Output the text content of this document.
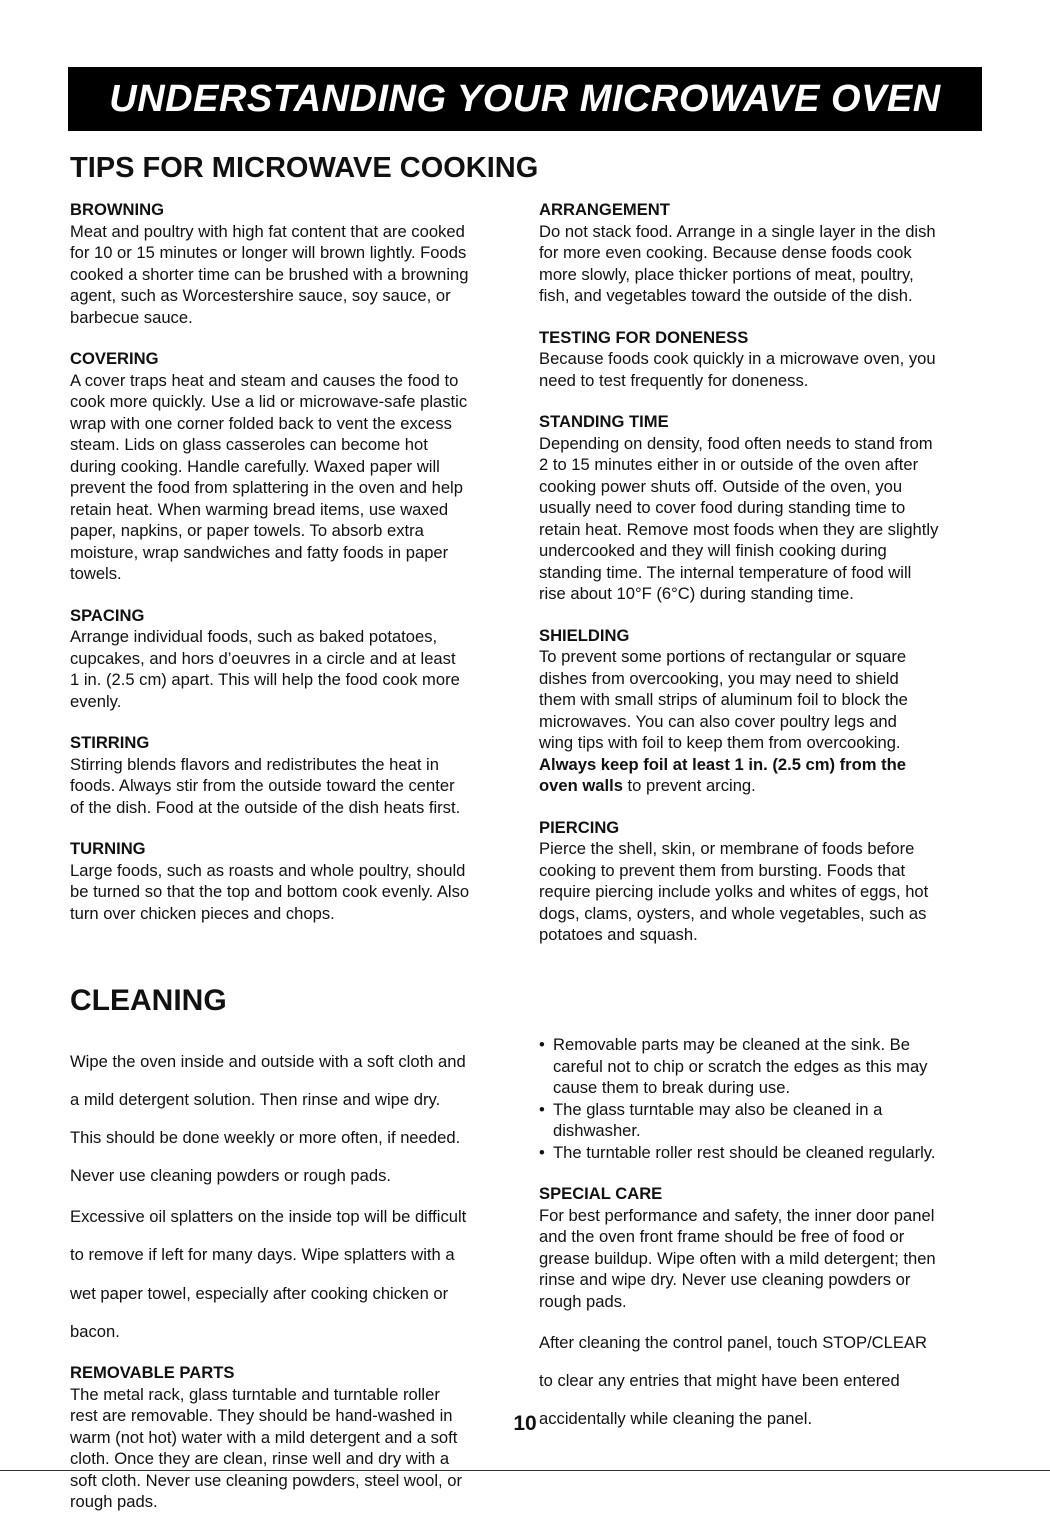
UNDERSTANDING YOUR MICROWAVE OVEN
TIPS FOR MICROWAVE COOKING
BROWNING

Meat and poultry with high fat content that are cooked

for 10 or 15 minutes or longer will brown lightly. Foods

cooked a shorter time can be brushed with a browning

agent, such as Worcestershire sauce, soy sauce, or

barbecue sauce.

COVERING

A cover traps heat and steam and causes the food to

cook more quickly. Use a lid or microwave-safe plastic

wrap with one corner folded back to vent the excess

steam. Lids on glass casseroles can become hot

during cooking. Handle carefully. Waxed paper will

prevent the food from splattering in the oven and help

retain heat. When warming bread items, use waxed

paper, napkins, or paper towels. To absorb extra

moisture, wrap sandwiches and fatty foods in paper

towels.

SPACING

Arrange individual foods, such as baked potatoes,

cupcakes, and hors d’oeuvres in a circle and at least

1 in. (2.5 cm) apart. This will help the food cook more

evenly.

STIRRING

Stirring blends flavors and redistributes the heat in

foods. Always stir from the outside toward the center

of the dish. Food at the outside of the dish heats first.

TURNING

Large foods, such as roasts and whole poultry, should

be turned so that the top and bottom cook evenly. Also

turn over chicken pieces and chops.

ARRANGEMENT

Do not stack food. Arrange in a single layer in the dish

for more even cooking. Because dense foods cook

more slowly, place thicker portions of meat, poultry,

fish, and vegetables toward the outside of the dish.

TESTING FOR DONENESS

Because foods cook quickly in a microwave oven, you

need to test frequently for doneness.

STANDING TIME

Depending on density, food often needs to stand from

2 to 15 minutes either in or outside of the oven after

cooking power shuts off. Outside of the oven, you

usually need to cover food during standing time to

retain heat. Remove most foods when they are slightly

undercooked and they will finish cooking during

standing time. The internal temperature of food will

rise about 10°F (6°C) during standing time.

SHIELDING

To prevent some portions of rectangular or square

dishes from overcooking, you may need to shield

them with small strips of aluminum foil to block the

microwaves. You can also cover poultry legs and

wing tips with foil to keep them from overcooking.

Always keep foil at least 1 in. (2.5 cm) from the

oven walls to prevent arcing.

PIERCING

Pierce the shell, skin, or membrane of foods before

cooking to prevent them from bursting. Foods that

require piercing include yolks and whites of eggs, hot

dogs, clams, oysters, and whole vegetables, such as

potatoes and squash.

CLEANING

Wipe the oven inside and outside with a soft cloth and

a mild detergent solution. Then rinse and wipe dry.

This should be done weekly or more often, if needed.

Never use cleaning powders or rough pads.

Excessive oil splatters on the inside top will be difficult

to remove if left for many days. Wipe splatters with a

wet paper towel, especially after cooking chicken or

bacon.

REMOVABLE PARTS

The metal rack, glass turntable and turntable roller

rest are removable. They should be hand-washed in

warm (not hot) water with a mild detergent and a soft

cloth. Once they are clean, rinse well and dry with a

soft cloth. Never use cleaning powders, steel wool, or

rough pads.

• Removable parts may be cleaned at the sink. Be
careful not to chip or scratch the edges as this may
cause them to break during use.
• The glass turntable may also be cleaned in a
dishwasher.
• The turntable roller rest should be cleaned regularly.
SPECIAL CARE

For best performance and safety, the inner door panel

and the oven front frame should be free of food or

grease buildup. Wipe often with a mild detergent; then

rinse and wipe dry. Never use cleaning powders or

rough pads.

After cleaning the control panel, touch STOP/CLEAR

to clear any entries that might have been entered

accidentally while cleaning the panel.

10
